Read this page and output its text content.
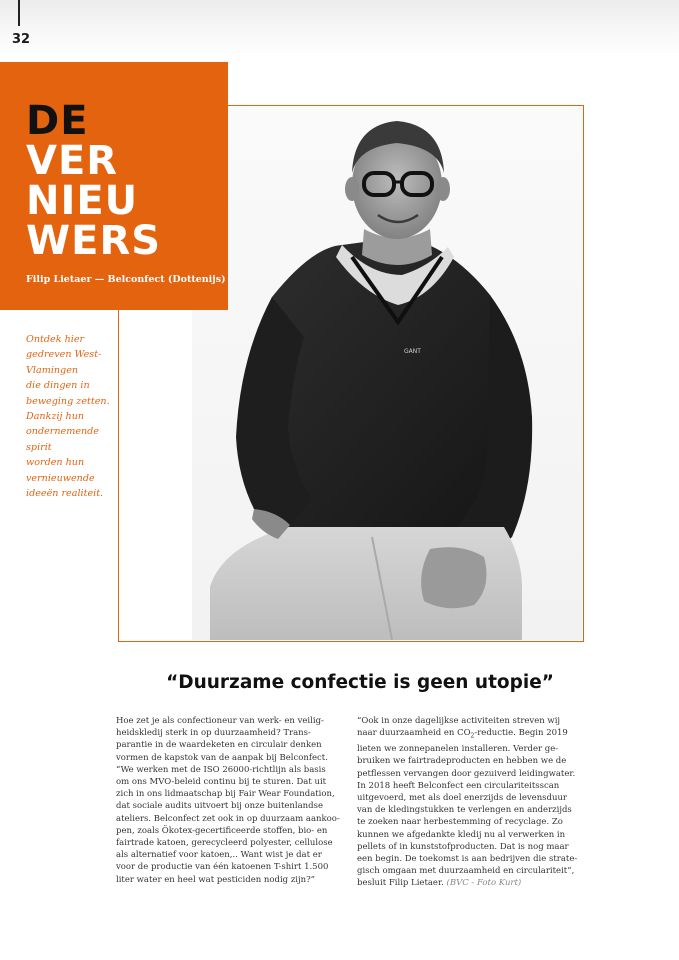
32
GANT
DE
VER
NIEU
WERS
Filip Lietaer — Belconfect (Dottenijs)
Ontdek hier
gedreven West-
Vlamingen
die dingen in
beweging zetten.
Dankzij hun
ondernemende
spirit
worden hun
vernieuwende
ideeën realiteit.
“Duurzame confectie is geen utopie”
Hoe zet je als confectioneur van werk- en veilig-
heidskledij sterk in op duurzaamheid? Trans-
parantie in de waardeketen en circulair denken
vormen de kapstok van de aanpak bij Belconfect.
“We werken met de ISO 26000-richtlijn als basis
om ons MVO-beleid continu bij te sturen. Dat uit
zich in ons lidmaatschap bij Fair Wear Foundation,
dat sociale audits uitvoert bij onze buitenlandse
ateliers. Belconfect zet ook in op duurzaam aankoo-
pen, zoals Ökotex-gecertificeerde stoffen, bio- en
fairtrade katoen, gerecycleerd polyester, cellulose
als alternatief voor katoen,.. Want wist je dat er
voor de productie van één katoenen T-shirt 1.500
liter water en heel wat pesticiden nodig zijn?”
“Ook in onze dagelijkse activiteiten streven wij
naar duurzaamheid en $CO_2$-reductie. Begin 2019
lieten we zonnepanelen installeren. Verder ge-
bruiken we fairtradeproducten en hebben we de
petflessen vervangen door gezuiverd leidingwater.
In 2018 heeft Belconfect een circulariteitsscan
uitgevoerd, met als doel enerzijds de levensduur
van de kledingstukken te verlengen en anderzijds
te zoeken naar herbestemming of recyclage. Zo
kunnen we afgedankte kledij nu al verwerken in
pellets of in kunststofproducten. Dat is nog maar
een begin. De toekomst is aan bedrijven die strate-
gisch omgaan met duurzaamheid en circulariteit”,
besluit Filip Lietaer. (BVC - Foto Kurt)
